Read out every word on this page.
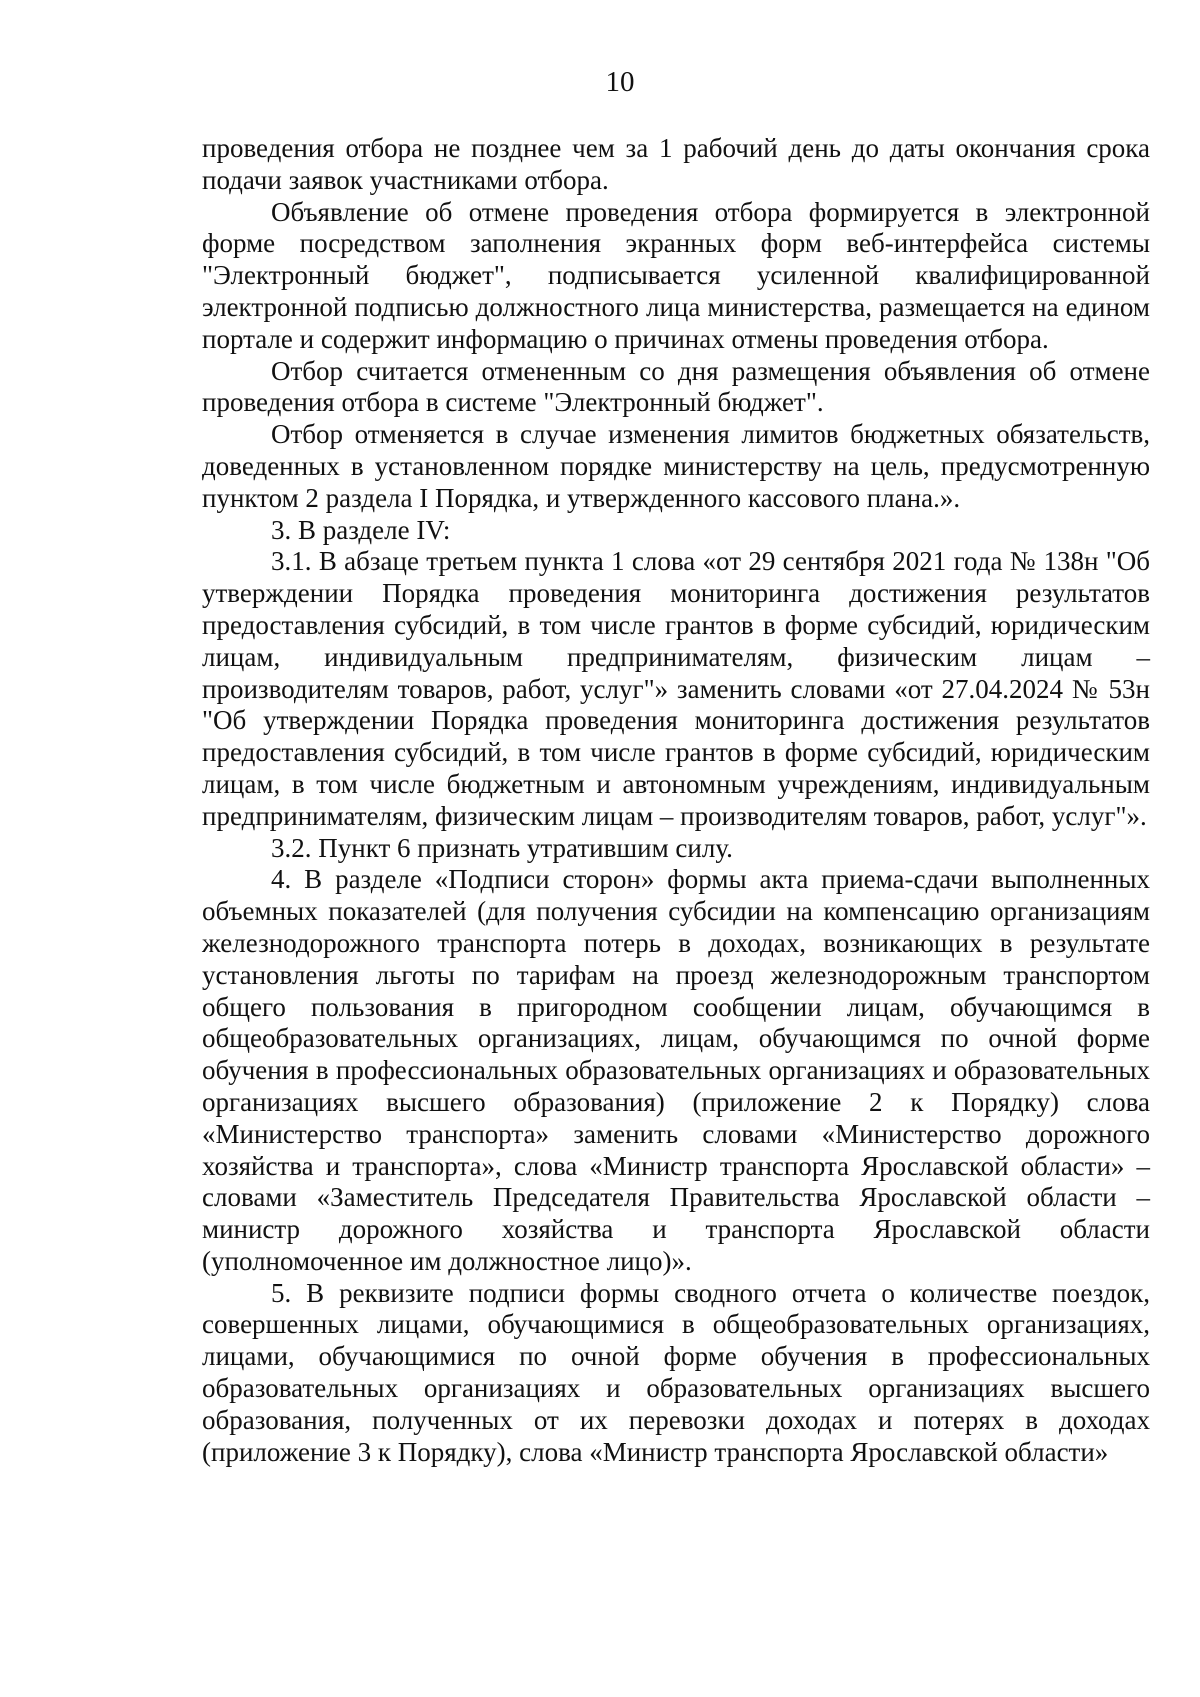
10

проведения отбора не позднее чем за 1 рабочий день до даты окончания срока подачи заявок участниками отбора.

Объявление об отмене проведения отбора формируется в электронной форме посредством заполнения экранных форм веб-интерфейса системы "Электронный бюджет", подписывается усиленной квалифицированной электронной подписью должностного лица министерства, размещается на едином портале и содержит информацию о причинах отмены проведения отбора.

Отбор считается отмененным со дня размещения объявления об отмене проведения отбора в системе "Электронный бюджет".

Отбор отменяется в случае изменения лимитов бюджетных обязательств, доведенных в установленном порядке министерству на цель, предусмотренную пунктом 2 раздела I Порядка, и утвержденного кассового плана.».

3. В разделе IV:

3.1. В абзаце третьем пункта 1 слова «от 29 сентября 2021 года № 138н "Об утверждении Порядка проведения мониторинга достижения результатов предоставления субсидий, в том числе грантов в форме субсидий, юридическим лицам, индивидуальным предпринимателям, физическим лицам – производителям товаров, работ, услуг"» заменить словами «от 27.04.2024 № 53н "Об утверждении Порядка проведения мониторинга достижения результатов предоставления субсидий, в том числе грантов в форме субсидий, юридическим лицам, в том числе бюджетным и автономным учреждениям, индивидуальным предпринимателям, физическим лицам – производителям товаров, работ, услуг"».

3.2. Пункт 6 признать утратившим силу.

4. В разделе «Подписи сторон» формы акта приема-сдачи выполненных объемных показателей (для получения субсидии на компенсацию организациям железнодорожного транспорта потерь в доходах, возникающих в результате установления льготы по тарифам на проезд железнодорожным транспортом общего пользования в пригородном сообщении лицам, обучающимся в общеобразовательных организациях, лицам, обучающимся по очной форме обучения в профессиональных образовательных организациях и образовательных организациях высшего образования) (приложение 2 к Порядку) слова «Министерство транспорта» заменить словами «Министерство дорожного хозяйства и транспорта», слова «Министр транспорта Ярославской области» – словами «Заместитель Председателя Правительства Ярославской области – министр дорожного хозяйства и транспорта Ярославской области (уполномоченное им должностное лицо)».

5. В реквизите подписи формы сводного отчета о количестве поездок, совершенных лицами, обучающимися в общеобразовательных организациях, лицами, обучающимися по очной форме обучения в профессиональных образовательных организациях и образовательных организациях высшего образования, полученных от их перевозки доходах и потерях в доходах (приложение 3 к Порядку), слова «Министр транспорта Ярославской области»
